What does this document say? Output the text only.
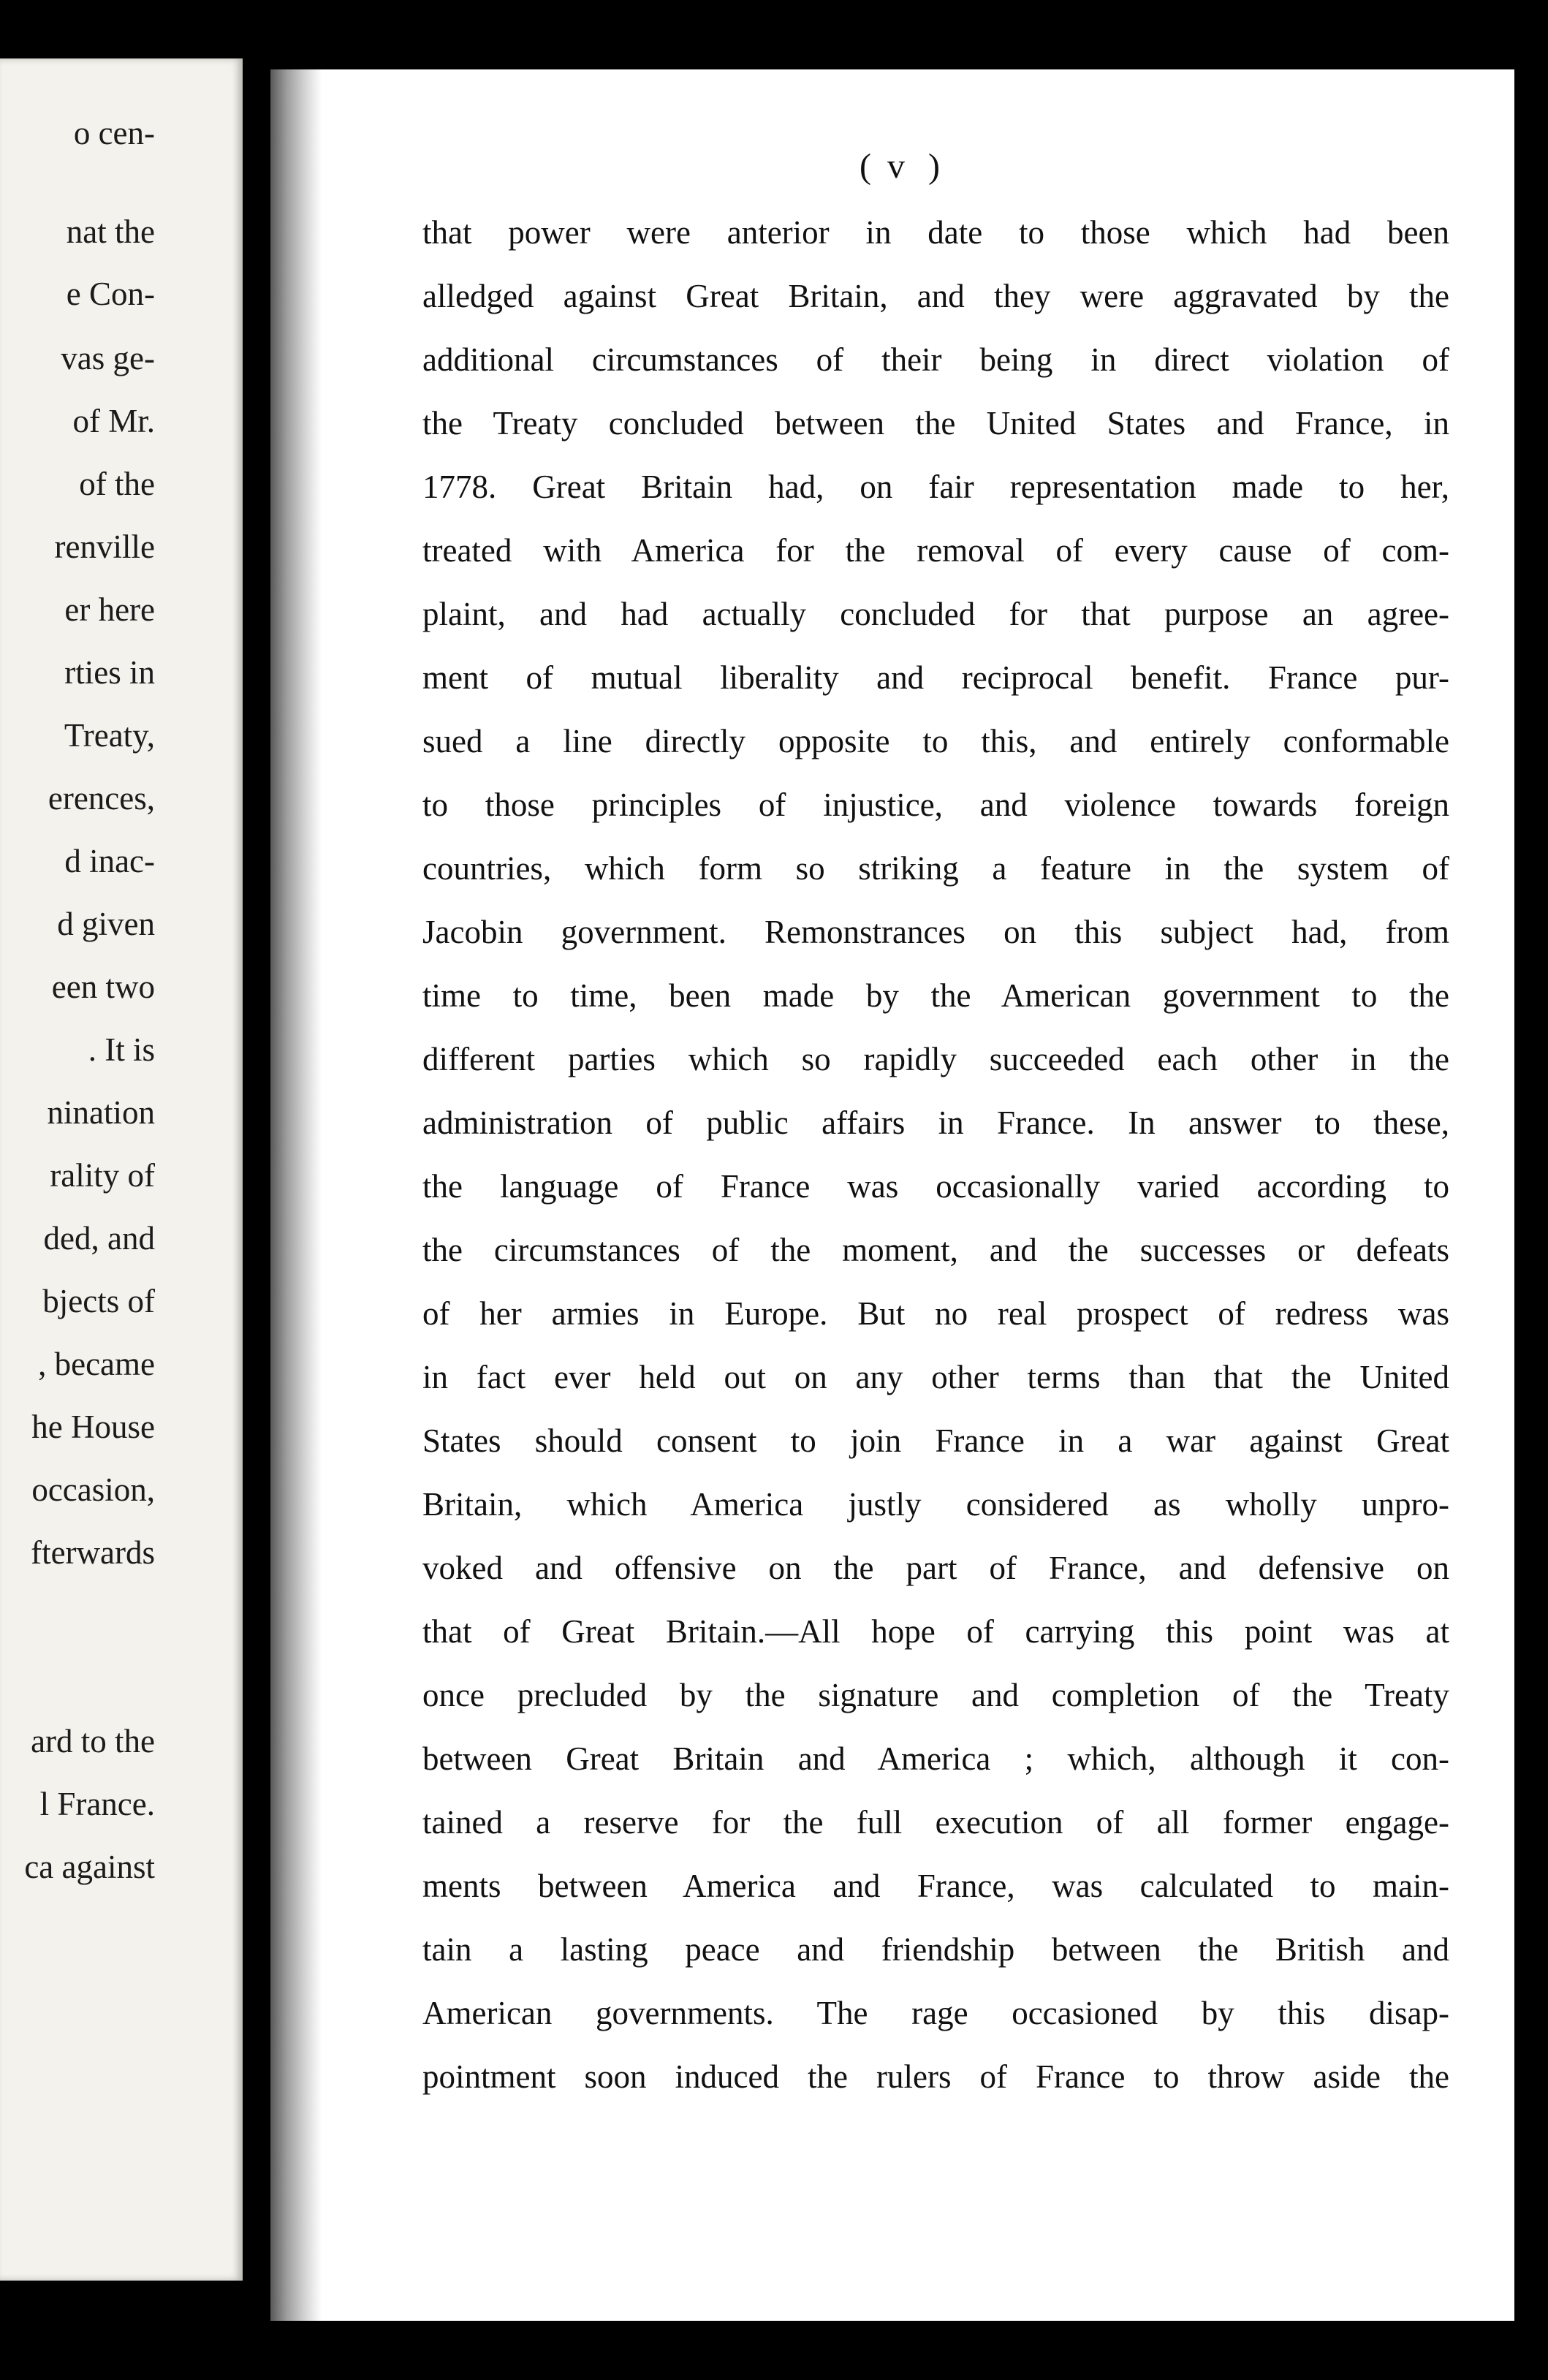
o cen-
nat the
e Con-
vas ge-
of Mr.
of the
renville
er here
rties in
Treaty,
erences,
d inac-
d given
een two
. It is
nination
rality of
ded, and
bjects of
, became
he House
occasion,
fterwards
ard to the
l France.
ca against
( v )
that power were anterior in date to those which had been
alledged against Great Britain, and they were aggravated by the
additional circumstances of their being in direct violation of
the Treaty concluded between the United States and France, in
1778. Great Britain had, on fair representation made to her,
treated with America for the removal of every cause of com-
plaint, and had actually concluded for that purpose an agree-
ment of mutual liberality and reciprocal benefit. France pur-
sued a line directly opposite to this, and entirely conformable
to those principles of injustice, and violence towards foreign
countries, which form so striking a feature in the system of
Jacobin government. Remonstrances on this subject had, from
time to time, been made by the American government to the
different parties which so rapidly succeeded each other in the
administration of public affairs in France. In answer to these,
the language of France was occasionally varied according to
the circumstances of the moment, and the successes or defeats
of her armies in Europe. But no real prospect of redress was
in fact ever held out on any other terms than that the United
States should consent to join France in a war against Great
Britain, which America justly considered as wholly unpro-
voked and offensive on the part of France, and defensive on
that of Great Britain.—All hope of carrying this point was at
once precluded by the signature and completion of the Treaty
between Great Britain and America ; which, although it con-
tained a reserve for the full execution of all former engage-
ments between America and France, was calculated to main-
tain a lasting peace and friendship between the British and
American governments. The rage occasioned by this disap-
pointment soon induced the rulers of France to throw aside the
